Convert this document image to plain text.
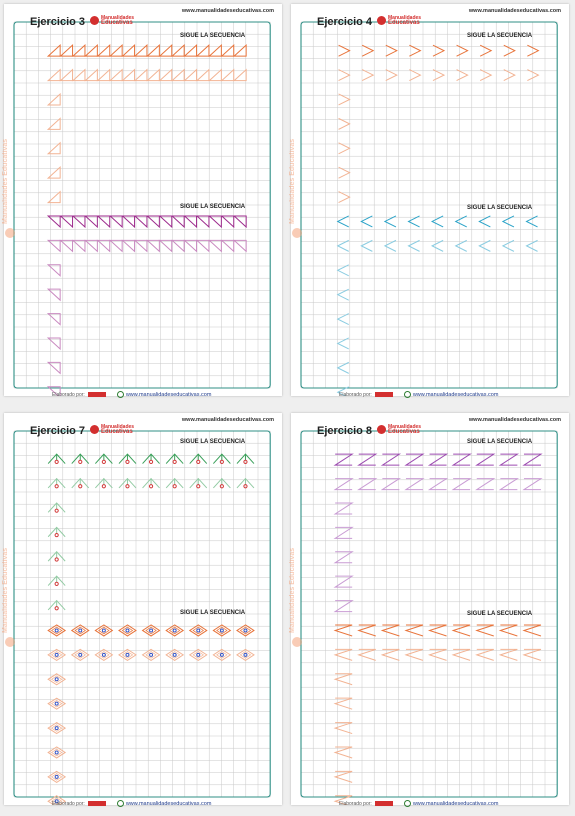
www.manualidadeseducativas.com
Ejercicio 3	Manualidades
Educativas
SIGUE LA SECUENCIA
SIGUE LA SECUENCIA
Manualidades Educativas
Elaborado por:	www.manualidadeseducativas.com
www.manualidadeseducativas.com
Ejercicio 4	Manualidades
Educativas
SIGUE LA SECUENCIA
SIGUE LA SECUENCIA
Manualidades Educativas
Elaborado por:	www.manualidadeseducativas.com
www.manualidadeseducativas.com
Ejercicio 7	Manualidades
Educativas
SIGUE LA SECUENCIA
SIGUE LA SECUENCIA
Manualidades Educativas
Elaborado por:	www.manualidadeseducativas.com
www.manualidadeseducativas.com
Ejercicio 8	Manualidades
Educativas
SIGUE LA SECUENCIA
SIGUE LA SECUENCIA
Manualidades Educativas
Elaborado por:	www.manualidadeseducativas.com
